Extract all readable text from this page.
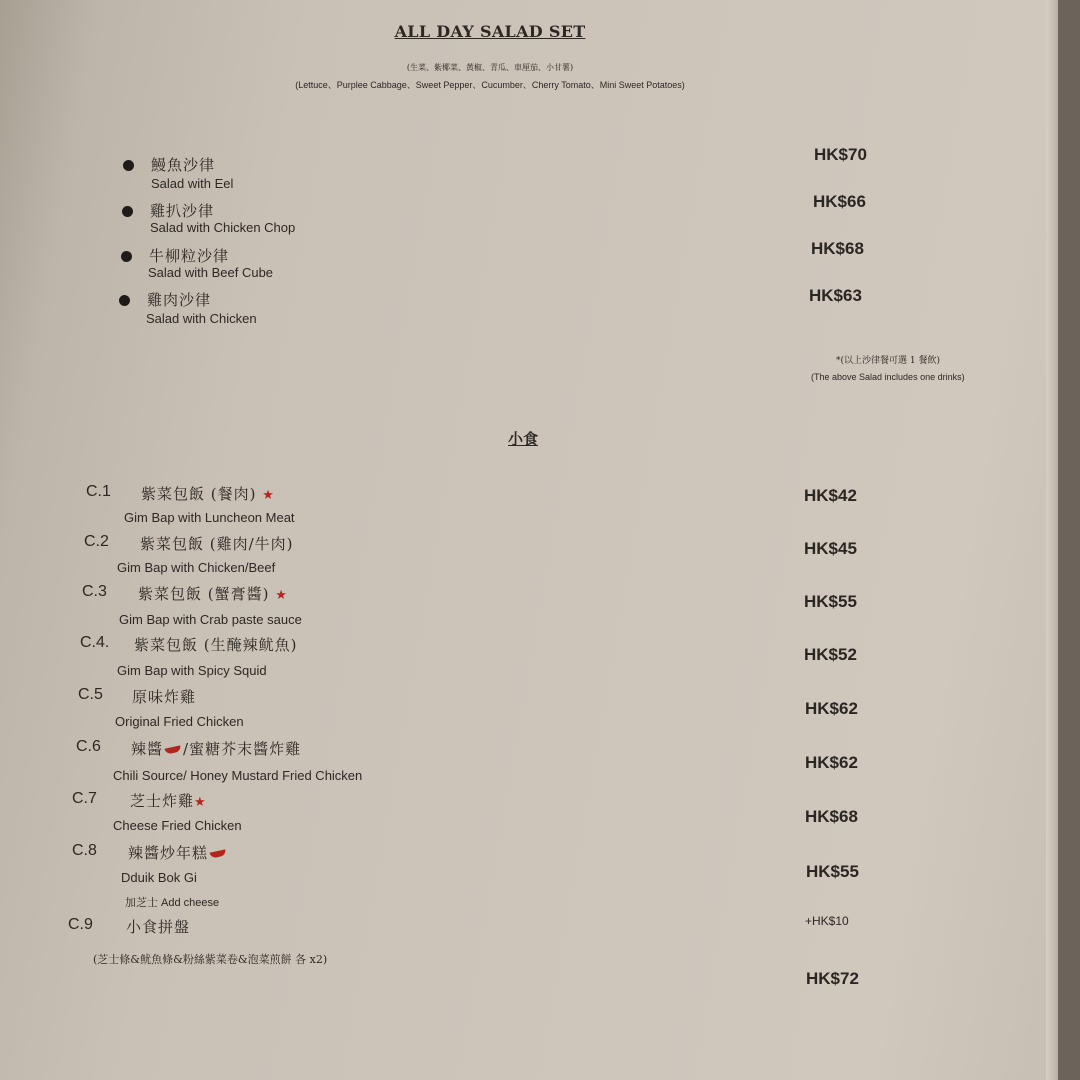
ALL DAY SALAD SET
(生菜、紫椰菜、黃椒、青瓜、車厘茄、小甘薯)
(Lettuce、Purplee Cabbage、Sweet Pepper、Cucumber、Cherry Tomato、Mini Sweet Potatoes)
鰻魚沙律
Salad with Eel
HK$70
雞扒沙律
Salad with Chicken Chop
HK$66
牛柳粒沙律
Salad with Beef Cube
HK$68
雞肉沙律
Salad with Chicken
HK$63
*(以上沙律餐可選 1 餐飲)
(The above Salad includes one drinks)
小食
C.1 紫菜包飯 (餐肉) ★
Gim Bap with Luncheon Meat
HK$42
C.2 紫菜包飯 (雞肉/牛肉)
Gim Bap with Chicken/Beef
HK$45
C.3 紫菜包飯 (蟹膏醬) ★
Gim Bap with Crab paste sauce
HK$55
C.4. 紫菜包飯 (生醃辣鱿魚)
Gim Bap with Spicy Squid
HK$52
C.5 原味炸雞
Original Fried Chicken
HK$62
C.6 辣醬 /蜜糖芥末醬炸雞
Chili Source/ Honey Mustard Fried Chicken
HK$62
C.7 芝士炸雞★
Cheese Fried Chicken	HK$68
C.8 辣醬炒年糕
Dduik Bok Gi	HK$55
加芝士 Add cheese
+HK$10
C.9 小食拼盤
(芝士條&鱿魚條&粉絲紫菜卷&泡菜煎餅 各 x2)
HK$72
